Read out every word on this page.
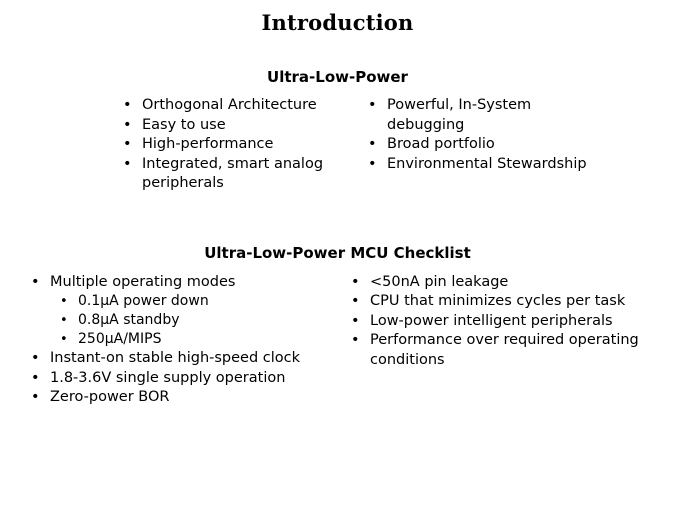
Introduction
Ultra-Low-Power
• Orthogonal Architecture
• Easy to use
• High-performance
• Integrated, smart analog peripherals
• Powerful, In-System debugging
• Broad portfolio
• Environmental Stewardship
Ultra-Low-Power MCU Checklist
• Multiple operating modes
• 0.1µA power down
• 0.8µA standby
• 250µA/MIPS
• Instant-on stable high-speed clock
• 1.8-3.6V single supply operation
• Zero-power BOR
• <50nA pin leakage
• CPU that minimizes cycles per task
• Low-power intelligent peripherals
• Performance over required operating conditions
